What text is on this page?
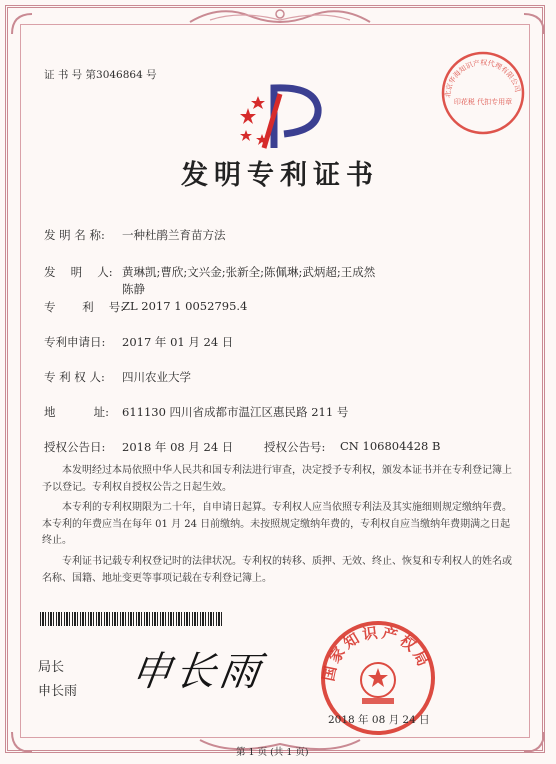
证 书 号 第3046864 号
北京华海知识产权代理有限公司
印花税 代扣专用章
发明专利证书
发 明 名 称: 一种杜鹃兰育苗方法
发　 明　 人: 黄琳凯;曹欣;文兴金;张新全;陈佩琳;武炳超;王成然
陈静
专　　 利　 号:
ZL 2017 1 0052795.4
专利申请日: 2017 年 01 月 24 日
专 利 权 人: 四川农业大学
地　　　 址: 611130 四川省成都市温江区惠民路 211 号
授权公告日: 2018 年 08 月 24 日	授权公告号: CN 106804428 B
本发明经过本局依照中华人民共和国专利法进行审查，决定授予专利权，颁发本证书并在专利登记簿上予以登记。专利权自授权公告之日起生效。
本专利的专利权期限为二十年，自申请日起算。专利权人应当依照专利法及其实施细则规定缴纳年费。本专利的年费应当在每年 01 月 24 日前缴纳。未按照规定缴纳年费的，专利权自应当缴纳年费期满之日起终止。
专利证书记载专利权登记时的法律状况。专利权的转移、质押、无效、终止、恢复和专利权人的姓名或名称、国籍、地址变更等事项记载在专利登记簿上。
局长
申长雨 申长雨	国家知识产权局
2018 年 08 月 24 日
第 1 页 (共 1 页)
